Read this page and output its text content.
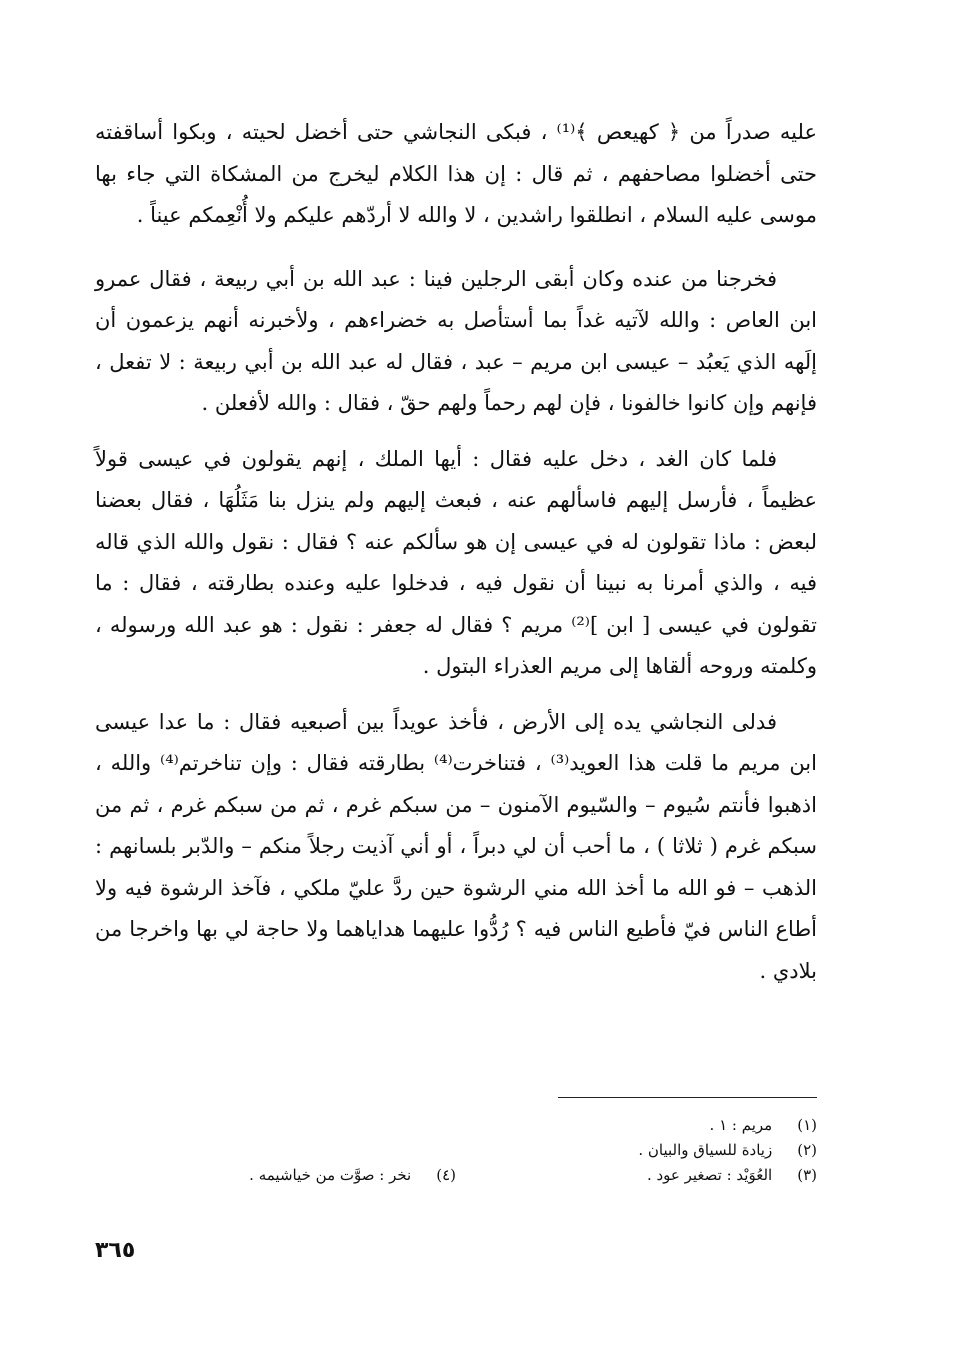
عليه صدراً من ﴿ كهيعص ﴾⁽¹⁾ ، فبكى النجاشي حتى أخضل لحيته ، وبكوا أساقفته حتى أخضلوا مصاحفهم ، ثم قال : إن هذا الكلام ليخرج من المشكاة التي جاء بها موسى عليه السلام ، انطلقوا راشدين ، لا والله لا أردّهم عليكم ولا أُنْعِمكم عيناً .

فخرجنا من عنده وكان أبقى الرجلين فينا : عبد الله بن أبي ربيعة ، فقال عمرو ابن العاص : والله لآتيه غداً بما أستأصل به خضراءهم ، ولأخبرنه أنهم يزعمون أن إلَهه الذي يَعبُد – عيسى ابن مريم – عبد ، فقال له عبد الله بن أبي ربيعة : لا تفعل ، فإنهم وإن كانوا خالفونا ، فإن لهم رحماً ولهم حقّ ، فقال : والله لأفعلن .

فلما كان الغد ، دخل عليه فقال : أيها الملك ، إنهم يقولون في عيسى قولاً عظيماً ، فأرسل إليهم فاسألهم عنه ، فبعث إليهم ولم ينزل بنا مَثَلُهَا ، فقال بعضنا لبعض : ماذا تقولون له في عيسى إن هو سألكم عنه ؟ فقال : نقول والله الذي قاله فيه ، والذي أمرنا به نبينا أن نقول فيه ، فدخلوا عليه وعنده بطارقته ، فقال : ما تقولون في عيسى [ ابن ]⁽²⁾ مريم ؟ فقال له جعفر : نقول : هو عبد الله ورسوله ، وكلمته وروحه ألقاها إلى مريم العذراء البتول .

فدلى النجاشي يده إلى الأرض ، فأخذ عويداً بين أصبعيه فقال : ما عدا عيسى ابن مريم ما قلت هذا العويد⁽³⁾ ، فتناخرت⁽⁴⁾ بطارقته فقال : وإن تناخرتم⁽⁴⁾ والله ، اذهبوا فأنتم سُيوم – والسّيوم الآمنون – من سبكم غرم ، ثم من سبكم غرم ، ثم من سبكم غرم ( ثلاثا ) ، ما أحب أن لي دبراً ، أو أني آذيت رجلاً منكم – والدّبر بلسانهم : الذهب – فو الله ما أخذ الله مني الرشوة حين ردَّ عليّ ملكي ، فآخذ الرشوة فيه ولا أطاع الناس فيّ فأطيع الناس فيه ؟ رُدُّوا عليهما هداياهما ولا حاجة لي بها واخرجا من بلادي .

(١) مريم : ١ .
(٢) زيادة للسياق والبيان .
(٣) العُوَيْد : تصغير عود .
(٤) نخر : صوَّت من خياشيمه .
٣٦٥
